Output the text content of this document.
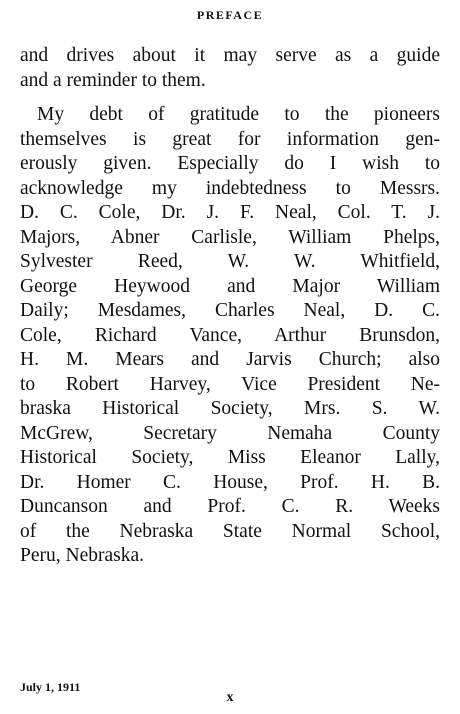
PREFACE
and drives about it may serve as a guide
and a reminder to them.
My debt of gratitude to the pioneers
themselves is great for information gen-
erously given. Especially do I wish to
acknowledge my indebtedness to Messrs.
D. C. Cole, Dr. J. F. Neal, Col. T. J.
Majors, Abner Carlisle, William Phelps,
Sylvester Reed, W. W. Whitfield,
George Heywood and Major William
Daily; Mesdames, Charles Neal, D. C.
Cole, Richard Vance, Arthur Brunsdon,
H. M. Mears and Jarvis Church; also
to Robert Harvey, Vice President Ne-
braska Historical Society, Mrs. S. W.
McGrew, Secretary Nemaha County
Historical Society, Miss Eleanor Lally,
Dr. Homer C. House, Prof. H. B.
Duncanson and Prof. C. R. Weeks
of the Nebraska State Normal School,
Peru, Nebraska.
July 1, 1911
x
